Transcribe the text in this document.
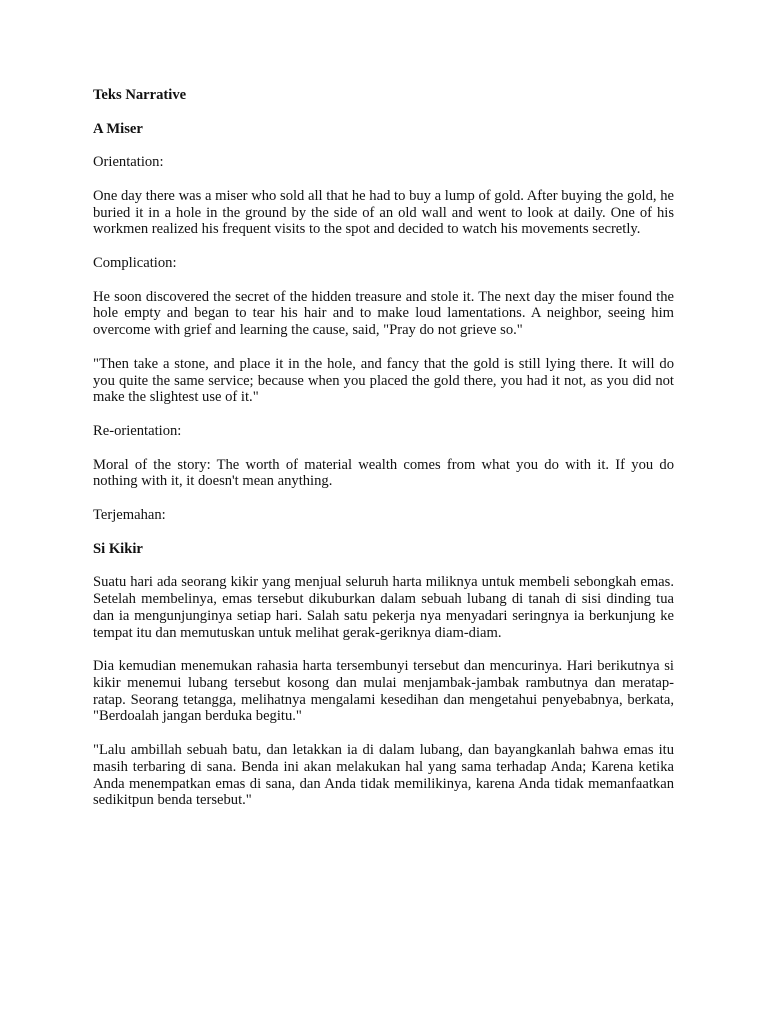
Teks Narrative

A Miser

Orientation:

One day there was a miser who sold all that he had to buy a lump of gold. After buying the gold, he buried it in a hole in the ground by the side of an old wall and went to look at daily. One of his workmen realized his frequent visits to the spot and decided to watch his movements secretly.

Complication:

He soon discovered the secret of the hidden treasure and stole it. The next day the miser found the hole empty and began to tear his hair and to make loud lamentations. A neighbor, seeing him overcome with grief and learning the cause, said, "Pray do not grieve so."

"Then take a stone, and place it in the hole, and fancy that the gold is still lying there. It will do you quite the same service; because when you placed the gold there, you had it not, as you did not make the slightest use of it."

Re-orientation:

Moral of the story: The worth of material wealth comes from what you do with it. If you do nothing with it, it doesn't mean anything.

Terjemahan:

Si Kikir

Suatu hari ada seorang kikir yang menjual seluruh harta miliknya untuk membeli sebongkah emas. Setelah membelinya, emas tersebut dikuburkan dalam sebuah lubang di tanah di sisi dinding tua dan ia mengunjunginya setiap hari. Salah satu pekerja nya menyadari seringnya ia berkunjung ke tempat itu dan memutuskan untuk melihat gerak-geriknya diam-diam.

Dia kemudian menemukan rahasia harta tersembunyi tersebut dan mencurinya. Hari berikutnya si kikir menemui lubang tersebut kosong dan mulai menjambak-jambak rambutnya dan meratap-ratap. Seorang tetangga, melihatnya mengalami kesedihan dan mengetahui penyebabnya, berkata, "Berdoalah jangan berduka begitu."

"Lalu ambillah sebuah batu, dan letakkan ia di dalam lubang, dan bayangkanlah bahwa emas itu masih terbaring di sana. Benda ini akan melakukan hal yang sama terhadap Anda; Karena ketika Anda menempatkan emas di sana, dan Anda tidak memilikinya, karena Anda tidak memanfaatkan sedikitpun benda tersebut."
